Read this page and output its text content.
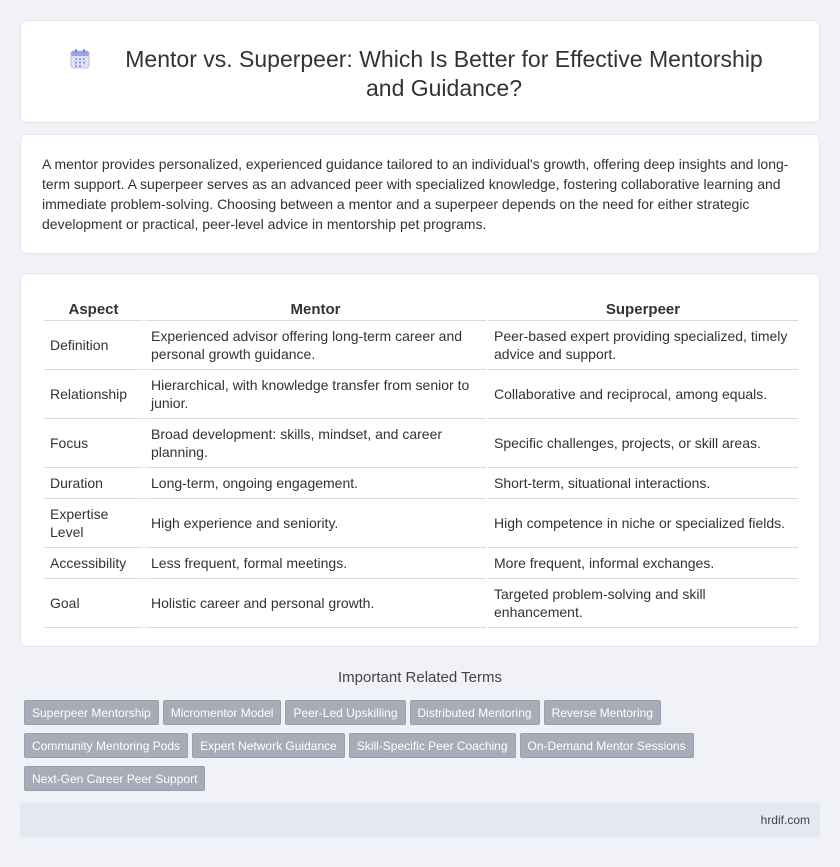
Mentor vs. Superpeer: Which Is Better for Effective Mentorship and Guidance?

A mentor provides personalized, experienced guidance tailored to an individual's growth, offering deep insights and long-term support. A superpeer serves as an advanced peer with specialized knowledge, fostering collaborative learning and immediate problem-solving. Choosing between a mentor and a superpeer depends on the need for either strategic development or practical, peer-level advice in mentorship pet programs.

Aspect	Mentor	Superpeer
Definition	Experienced advisor offering long-term career and personal growth guidance.	Peer-based expert providing specialized, timely advice and support.
Relationship	Hierarchical, with knowledge transfer from senior to junior.	Collaborative and reciprocal, among equals.
Focus	Broad development: skills, mindset, and career planning.	Specific challenges, projects, or skill areas.
Duration	Long-term, ongoing engagement.	Short-term, situational interactions.
Expertise Level	High experience and seniority.	High competence in niche or specialized fields.
Accessibility	Less frequent, formal meetings.	More frequent, informal exchanges.
Goal	Holistic career and personal growth.	Targeted problem-solving and skill enhancement.
Important Related Terms
Superpeer Mentorship	Micromentor Model	Peer-Led Upskilling	Distributed Mentoring	Reverse Mentoring
Community Mentoring Pods	Expert Network Guidance	Skill-Specific Peer Coaching	On-Demand Mentor Sessions
Next-Gen Career Peer Support
hrdif.com
